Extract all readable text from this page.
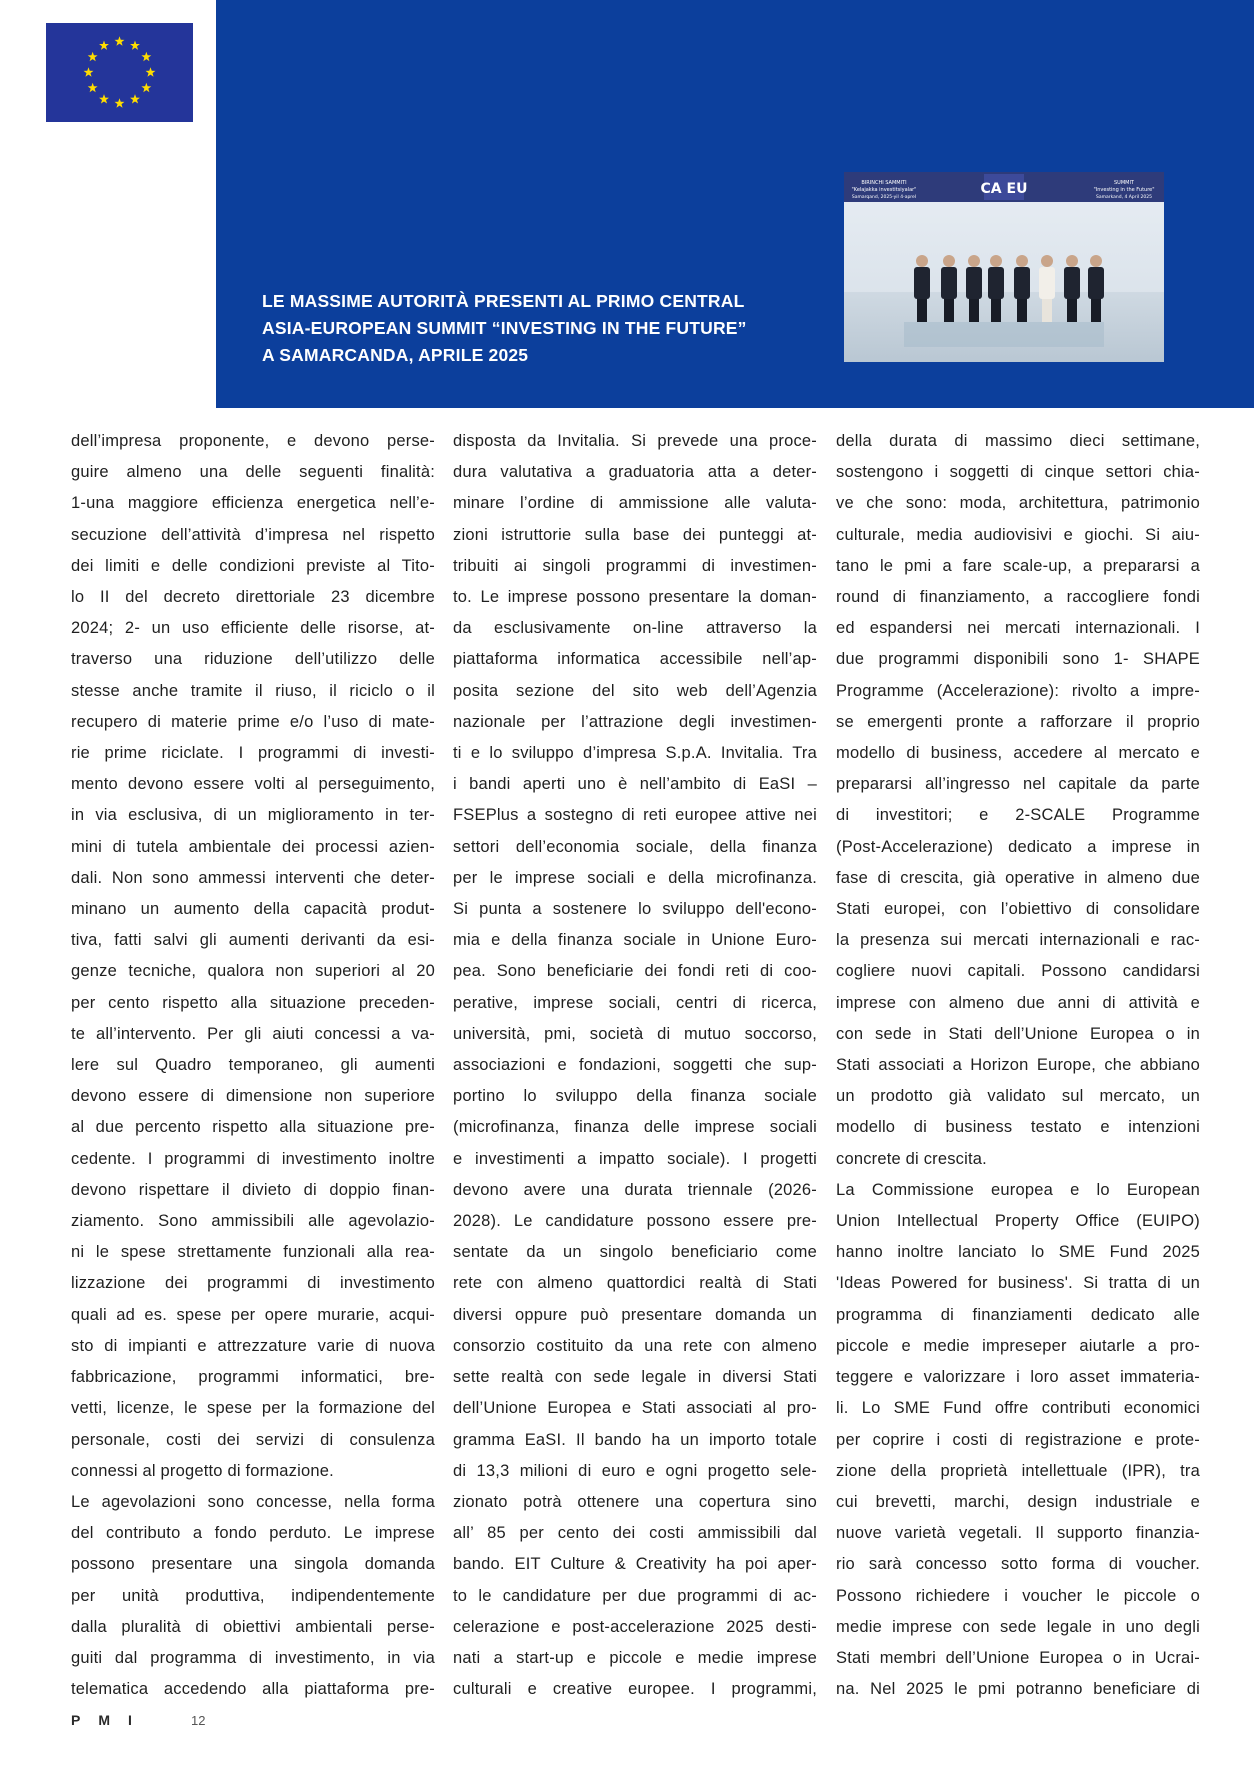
LE MASSIME AUTORITÀ PRESENTI AL PRIMO CENTRAL
ASIA-EUROPEAN SUMMIT “INVESTING IN THE FUTURE”
A SAMARCANDA, APRILE 2025
CA EU
BIRINCHI SAMMITI
"Kelajakka investitsiyalar"
Samarqand, 2025-yil 4-aprel
SUMMIT
"Investing in the Future"
Samarkand, 4 April 2025
dell’impresa proponente, e devono perse-
guire almeno una delle seguenti finalità:
1-una maggiore efficienza energetica nell’e-
secuzione dell’attività d’impresa nel rispetto
dei limiti e delle condizioni previste al Tito-
lo II del decreto direttoriale 23 dicembre
2024; 2- un uso efficiente delle risorse, at-
traverso una riduzione dell’utilizzo delle
stesse anche tramite il riuso, il riciclo o il
recupero di materie prime e/o l’uso di mate-
rie prime riciclate. I programmi di investi-
mento devono essere volti al perseguimento,
in via esclusiva, di un miglioramento in ter-
mini di tutela ambientale dei processi azien-
dali. Non sono ammessi interventi che deter-
minano un aumento della capacità produt-
tiva, fatti salvi gli aumenti derivanti da esi-
genze tecniche, qualora non superiori al 20
per cento rispetto alla situazione preceden-
te all’intervento. Per gli aiuti concessi a va-
lere sul Quadro temporaneo, gli aumenti
devono essere di dimensione non superiore
al due percento rispetto alla situazione pre-
cedente. I programmi di investimento inoltre
devono rispettare il divieto di doppio finan-
ziamento. Sono ammissibili alle agevolazio-
ni le spese strettamente funzionali alla rea-
lizzazione dei programmi di investimento
quali ad es. spese per opere murarie, acqui-
sto di impianti e attrezzature varie di nuova
fabbricazione, programmi informatici, bre-
vetti, licenze, le spese per la formazione del
personale, costi dei servizi di consulenza
connessi al progetto di formazione.
Le agevolazioni sono concesse, nella forma
del contributo a fondo perduto. Le imprese
possono presentare una singola domanda
per unità produttiva, indipendentemente
dalla pluralità di obiettivi ambientali perse-
guiti dal programma di investimento, in via
telematica accedendo alla piattaforma pre-
disposta da Invitalia. Si prevede una proce-
dura valutativa a graduatoria atta a deter-
minare l’ordine di ammissione alle valuta-
zioni istruttorie sulla base dei punteggi at-
tribuiti ai singoli programmi di investimen-
to. Le imprese possono presentare la doman-
da esclusivamente on-line attraverso la
piattaforma informatica accessibile nell’ap-
posita sezione del sito web dell’Agenzia
nazionale per l’attrazione degli investimen-
ti e lo sviluppo d’impresa S.p.A. Invitalia. Tra
i bandi aperti uno è nell’ambito di EaSI –
FSEPlus a sostegno di reti europee attive nei
settori dell’economia sociale, della finanza
per le imprese sociali e della microfinanza.
Si punta a sostenere lo sviluppo dell'econo-
mia e della finanza sociale in Unione Euro-
pea. Sono beneficiarie dei fondi reti di coo-
perative, imprese sociali, centri di ricerca,
università, pmi, società di mutuo soccorso,
associazioni e fondazioni, soggetti che sup-
portino lo sviluppo della finanza sociale
(microfinanza, finanza delle imprese sociali
e investimenti a impatto sociale). I progetti
devono avere una durata triennale (2026-
2028). Le candidature possono essere pre-
sentate da un singolo beneficiario come
rete con almeno quattordici realtà di Stati
diversi oppure può presentare domanda un
consorzio costituito da una rete con almeno
sette realtà con sede legale in diversi Stati
dell’Unione Europea e Stati associati al pro-
gramma EaSI. Il bando ha un importo totale
di 13,3 milioni di euro e ogni progetto sele-
zionato potrà ottenere una copertura sino
all’ 85 per cento dei costi ammissibili dal
bando. EIT Culture & Creativity ha poi aper-
to le candidature per due programmi di ac-
celerazione e post-accelerazione 2025 desti-
nati a start-up e piccole e medie imprese
culturali e creative europee. I programmi,
della durata di massimo dieci settimane,
sostengono i soggetti di cinque settori chia-
ve che sono: moda, architettura, patrimonio
culturale, media audiovisivi e giochi. Si aiu-
tano le pmi a fare scale-up, a prepararsi a
round di finanziamento, a raccogliere fondi
ed espandersi nei mercati internazionali. I
due programmi disponibili sono 1- SHAPE
Programme (Accelerazione): rivolto a impre-
se emergenti pronte a rafforzare il proprio
modello di business, accedere al mercato e
prepararsi all’ingresso nel capitale da parte
di investitori; e 2-SCALE Programme
(Post-Accelerazione) dedicato a imprese in
fase di crescita, già operative in almeno due
Stati europei, con l’obiettivo di consolidare
la presenza sui mercati internazionali e rac-
cogliere nuovi capitali. Possono candidarsi
imprese con almeno due anni di attività e
con sede in Stati dell’Unione Europea o in
Stati associati a Horizon Europe, che abbiano
un prodotto già validato sul mercato, un
modello di business testato e intenzioni
concrete di crescita.
La Commissione europea e lo European
Union Intellectual Property Office (EUIPO)
hanno inoltre lanciato lo SME Fund 2025
'Ideas Powered for business'. Si tratta di un
programma di finanziamenti dedicato alle
piccole e medie impreseper aiutarle a pro-
teggere e valorizzare i loro asset immateria-
li. Lo SME Fund offre contributi economici
per coprire i costi di registrazione e prote-
zione della proprietà intellettuale (IPR), tra
cui brevetti, marchi, design industriale e
nuove varietà vegetali. Il supporto finanzia-
rio sarà concesso sotto forma di voucher.
Possono richiedere i voucher le piccole o
medie imprese con sede legale in uno degli
Stati membri dell’Unione Europea o in Ucrai-
na. Nel 2025 le pmi potranno beneficiare di
PMI	12
